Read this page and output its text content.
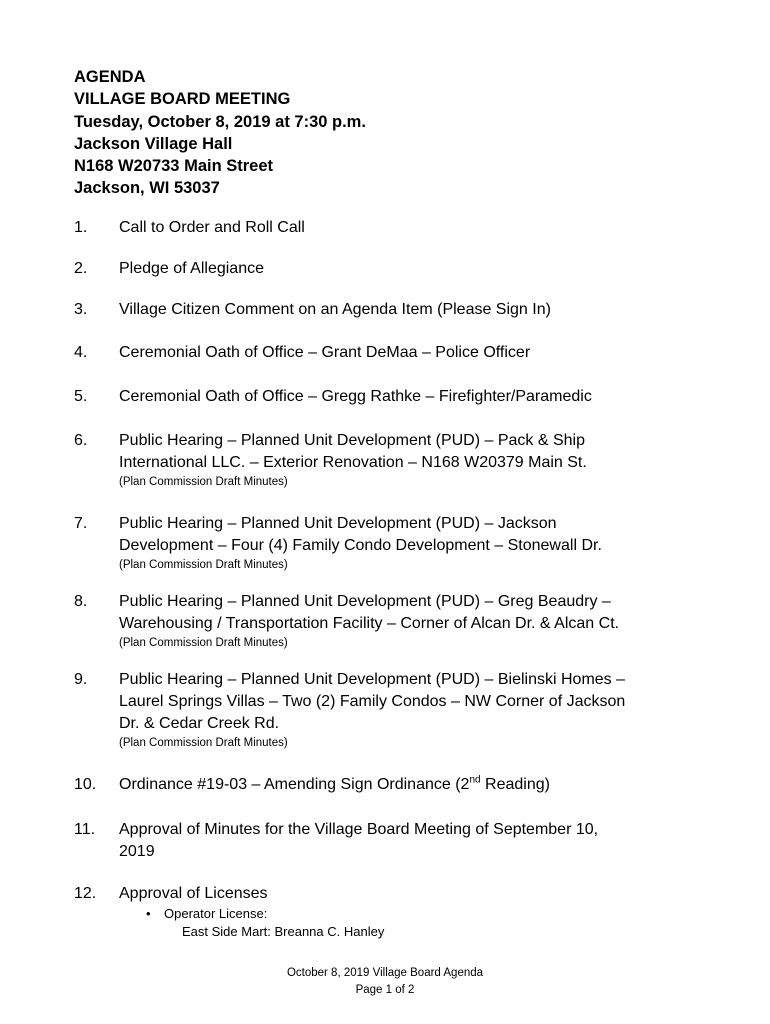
AGENDA
VILLAGE BOARD MEETING
Tuesday, October 8, 2019 at 7:30 p.m.
Jackson Village Hall
N168 W20733 Main Street
Jackson, WI 53037
1. Call to Order and Roll Call
2. Pledge of Allegiance
3. Village Citizen Comment on an Agenda Item (Please Sign In)
4. Ceremonial Oath of Office – Grant DeMaa – Police Officer
5. Ceremonial Oath of Office – Gregg Rathke – Firefighter/Paramedic
6. Public Hearing – Planned Unit Development (PUD) – Pack & Ship
International LLC. – Exterior Renovation – N168 W20379 Main St.
(Plan Commission Draft Minutes)
7. Public Hearing – Planned Unit Development (PUD) – Jackson
Development – Four (4) Family Condo Development – Stonewall Dr.
(Plan Commission Draft Minutes)
8. Public Hearing – Planned Unit Development (PUD) – Greg Beaudry –
Warehousing / Transportation Facility – Corner of Alcan Dr. & Alcan Ct.
(Plan Commission Draft Minutes)
9. Public Hearing – Planned Unit Development (PUD) – Bielinski Homes –
Laurel Springs Villas – Two (2) Family Condos – NW Corner of Jackson
Dr. & Cedar Creek Rd.
(Plan Commission Draft Minutes)
10. Ordinance #19-03 – Amending Sign Ordinance (2nd Reading)
11. Approval of Minutes for the Village Board Meeting of September 10,
2019
12. Approval of Licenses
• Operator License:
East Side Mart: Breanna C. Hanley
October 8, 2019 Village Board Agenda
Page 1 of 2
